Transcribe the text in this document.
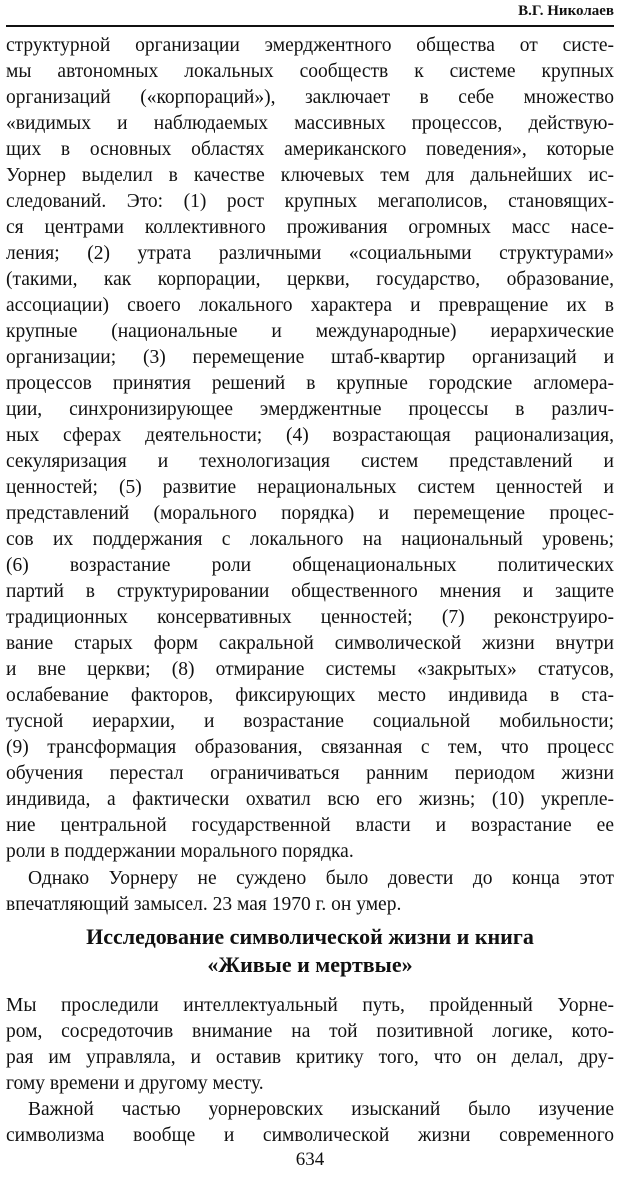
В.Г. Николаев
структурной организации эмерджентного общества от систе-
мы автономных локальных сообществ к системе крупных
организаций («корпораций»), заключает в себе множество
«видимых и наблюдаемых массивных процессов, действую-
щих в основных областях американского поведения», которые
Уорнер выделил в качестве ключевых тем для дальнейших ис-
следований. Это: (1) рост крупных мегаполисов, становящих-
ся центрами коллективного проживания огромных масс насе-
ления; (2) утрата различными «социальными структурами»
(такими, как корпорации, церкви, государство, образование,
ассоциации) своего локального характера и превращение их в
крупные (национальные и международные) иерархические
организации; (3) перемещение штаб-квартир организаций и
процессов принятия решений в крупные городские агломера-
ции, синхронизирующее эмерджентные процессы в различ-
ных сферах деятельности; (4) возрастающая рационализация,
секуляризация и технологизация систем представлений и
ценностей; (5) развитие нерациональных систем ценностей и
представлений (морального порядка) и перемещение процес-
сов их поддержания с локального на национальный уровень;
(6) возрастание роли общенациональных политических
партий в структурировании общественного мнения и защите
традиционных консервативных ценностей; (7) реконструиро-
вание старых форм сакральной символической жизни внутри
и вне церкви; (8) отмирание системы «закрытых» статусов,
ослабевание факторов, фиксирующих место индивида в ста-
тусной иерархии, и возрастание социальной мобильности;
(9) трансформация образования, связанная с тем, что процесс
обучения перестал ограничиваться ранним периодом жизни
индивида, а фактически охватил всю его жизнь; (10) укрепле-
ние центральной государственной власти и возрастание ее
роли в поддержании морального порядка.
Однако Уорнеру не суждено было довести до конца этот
впечатляющий замысел. 23 мая 1970 г. он умер.
Исследование символической жизни и книга
«Живые и мертвые»
Мы проследили интеллектуальный путь, пройденный Уорне-
ром, сосредоточив внимание на той позитивной логике, кото-
рая им управляла, и оставив критику того, что он делал, дру-
гому времени и другому месту.
Важной частью уорнеровских изысканий было изучение
символизма вообще и символической жизни современного
634
